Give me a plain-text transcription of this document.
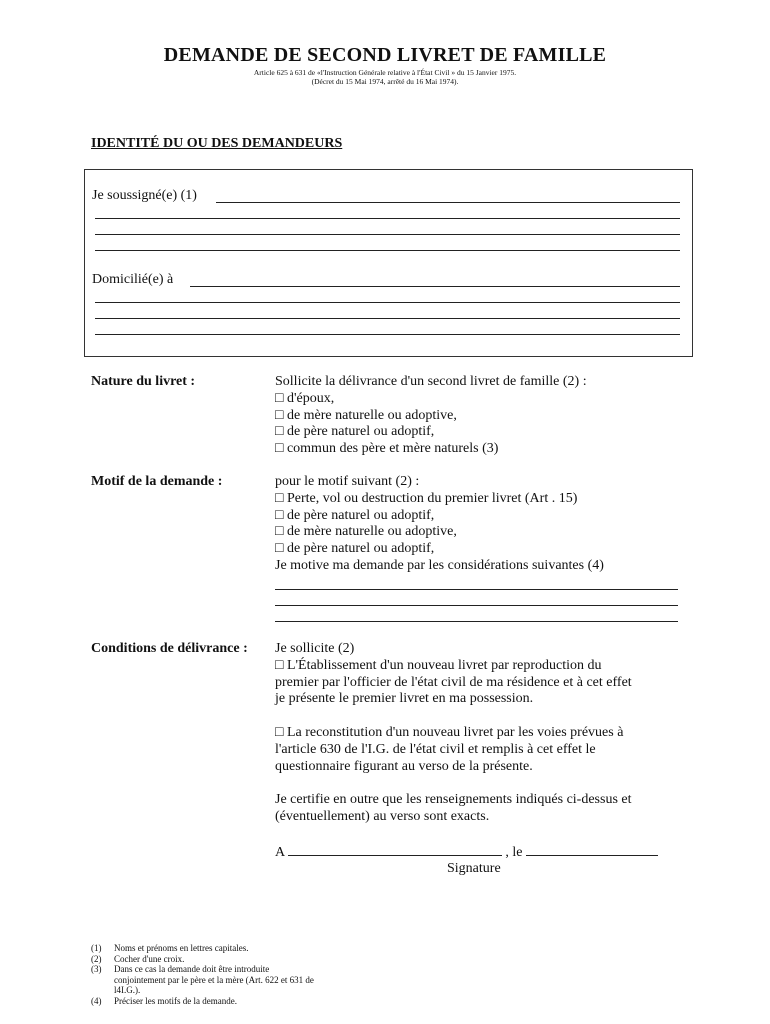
DEMANDE DE SECOND LIVRET DE FAMILLE
Article 625 à 631 de «l'Instruction Générale relative à l'État Civil » du 15 Janvier 1975.
(Décret du 15 Mai 1974, arrêté du 16 Mai 1974).
IDENTITÉ DU OU DES DEMANDEURS
Je soussigné(e) (1)
Domicilié(e) à
Nature du livret :	Sollicite la délivrance d'un second livret de famille (2) :
□ d'époux,
□ de mère naturelle ou adoptive,
□ de père naturel ou adoptif,
□ commun des père et mère naturels (3)
Motif de la demande :	pour le motif suivant (2) :
□ Perte, vol ou destruction du premier livret (Art . 15)
□ de père naturel ou adoptif,
□ de mère naturelle ou adoptive,
□ de père naturel ou adoptif,
Je motive ma demande par les considérations suivantes (4)
Conditions de délivrance : Je sollicite (2)
□ L'Établissement d'un nouveau livret par reproduction du
premier par l'officier de l'état civil de ma résidence et à cet effet
je présente le premier livret en ma possession.
□ La reconstitution d'un nouveau livret par les voies prévues à
l'article 630 de l'I.G. de l'état civil et remplis à cet effet le
questionnaire figurant au verso de la présente.
Je certifie en outre que les renseignements indiqués ci-dessus et
(éventuellement) au verso sont exacts.
A	, le
Signature
(1)	Noms et prénoms en lettres capitales.
(2)	Cocher d'une croix.
(3)	Dans ce cas la demande doit être introduite conjointement par le père et la mère (Art. 622 et 631 de l4I.G.).
(4)	Préciser les motifs de la demande.
